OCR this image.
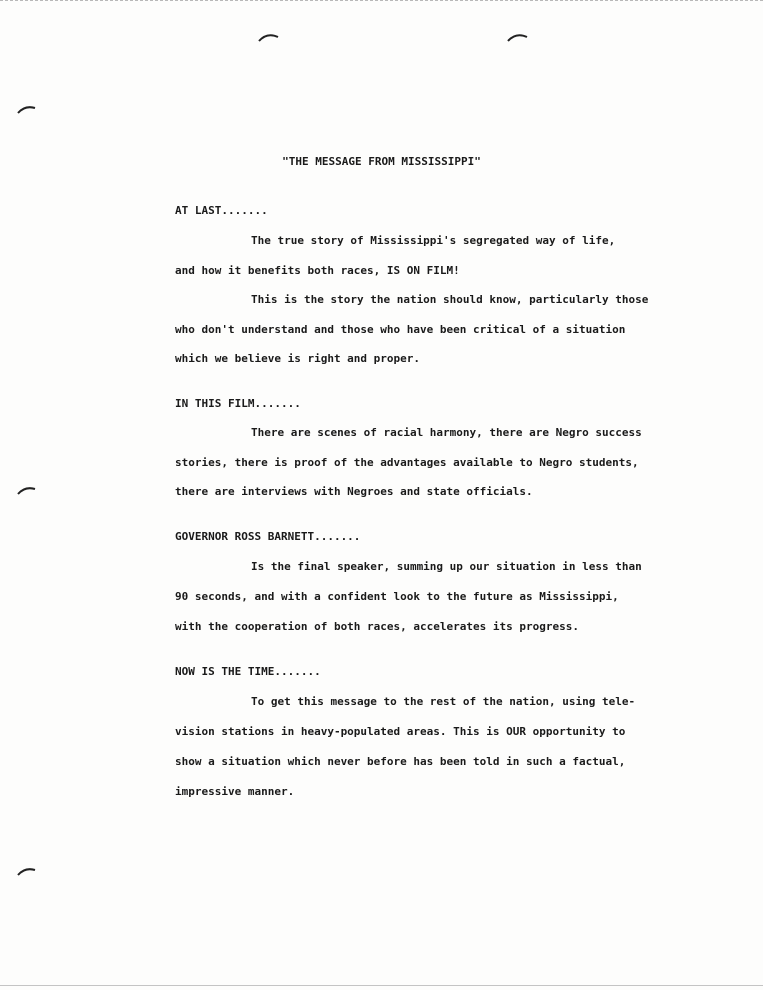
"THE MESSAGE FROM MISSISSIPPI"
AT LAST.......
The true story of Mississippi's segregated way of life,
and how it benefits both races, IS ON FILM!
This is the story the nation should know, particularly those
who don't understand and those who have been critical of a situation
which we believe is right and proper.
IN THIS FILM.......
There are scenes of racial harmony, there are Negro success
stories, there is proof of the advantages available to Negro students,
there are interviews with Negroes and state officials.
GOVERNOR ROSS BARNETT.......
Is the final speaker, summing up our situation in less than
90 seconds, and with a confident look to the future as Mississippi,
with the cooperation of both races, accelerates its progress.
NOW IS THE TIME.......
To get this message to the rest of the nation, using tele-
vision stations in heavy-populated areas. This is OUR opportunity to
show a situation which never before has been told in such a factual,
impressive manner.
